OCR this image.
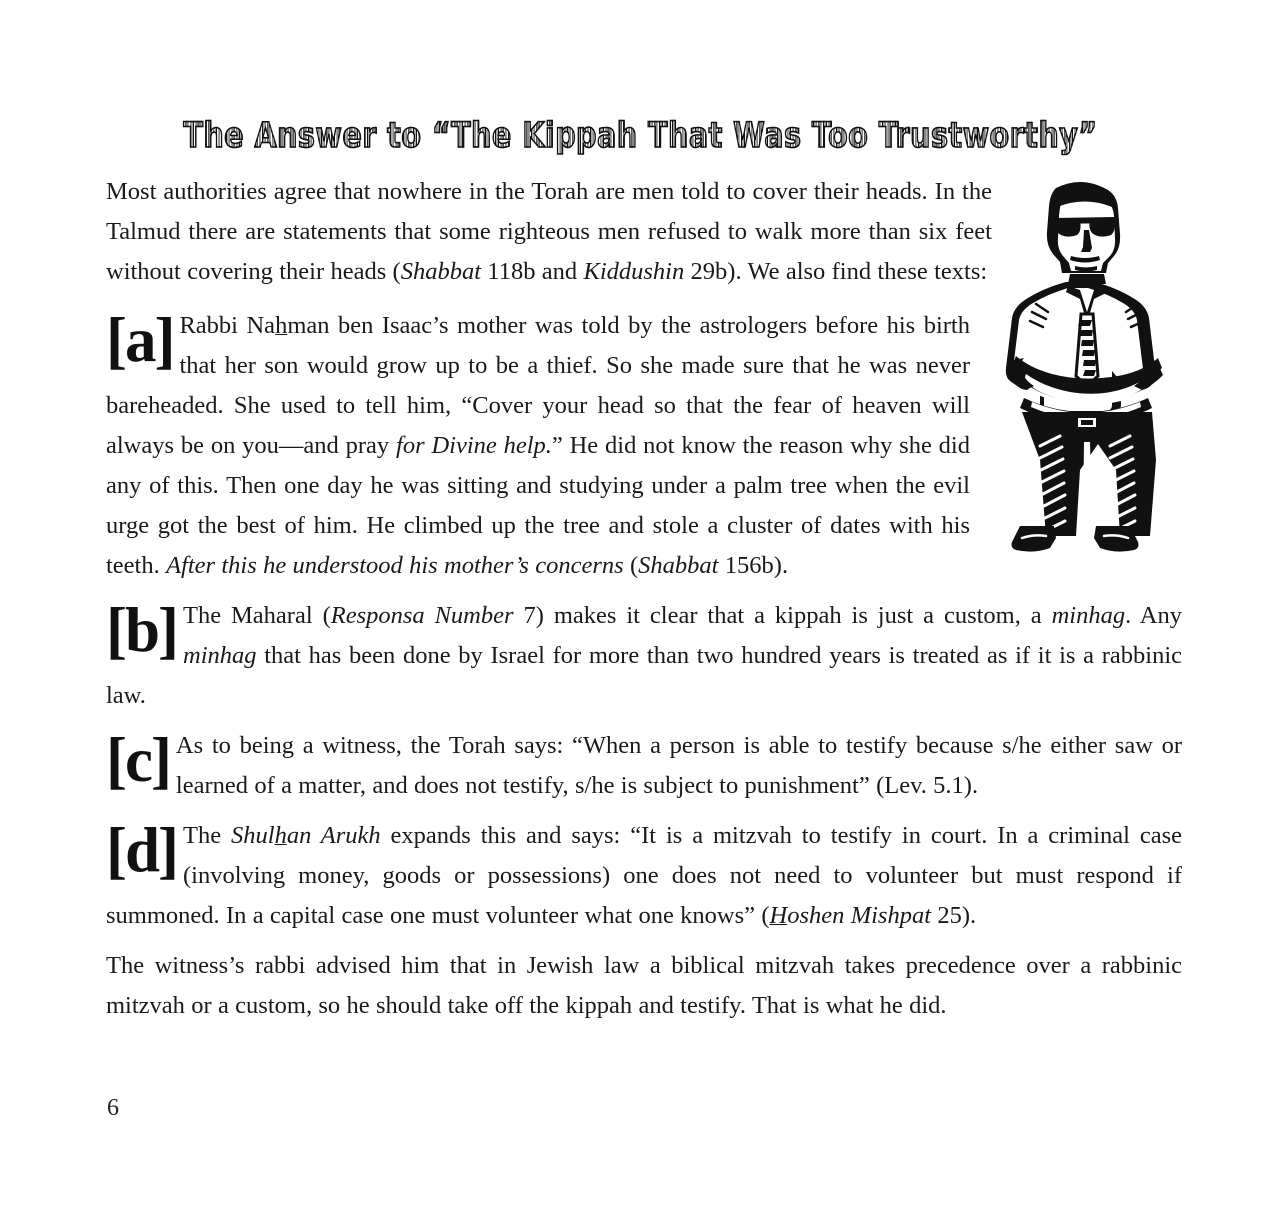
The Answer to “The Kippah That Was Too Trustworthy”

Most authorities agree that nowhere in the Torah are men told to cover their heads. In the Talmud there are statements that some righteous men refused to walk more than six feet without covering their heads (Shabbat 118b and Kiddushin 29b). We also find these texts:

[a] Rabbi Nahman ben Isaac’s mother was told by the astrologers before his birth that her son would grow up to be a thief. So she made sure that he was never bareheaded. She used to tell him, “Cover your head so that the fear of heaven will always be on you—and pray for Divine help.” He did not know the reason why she did any of this. Then one day he was sitting and studying under a palm tree when the evil urge got the best of him. He climbed up the tree and stole a cluster of dates with his teeth. After this he understood his mother’s concerns (Shabbat 156b).

[b] The Maharal (Responsa Number 7) makes it clear that a kippah is just a custom, a minhag. Any minhag that has been done by Israel for more than two hundred years is treated as if it is a rabbinic law.

[c] As to being a witness, the Torah says: “When a person is able to testify because s/he either saw or learned of a matter, and does not testify, s/he is subject to punishment” (Lev. 5.1).

[d] The Shulhan Arukh expands this and says: “It is a mitzvah to testify in court. In a criminal case (involving money, goods or possessions) one does not need to volunteer but must respond if summoned. In a capital case one must volunteer what one knows” (Hoshen Mishpat 25).

The witness’s rabbi advised him that in Jewish law a biblical mitzvah takes precedence over a rabbinic mitzvah or a custom, so he should take off the kippah and testify. That is what he did.

6
